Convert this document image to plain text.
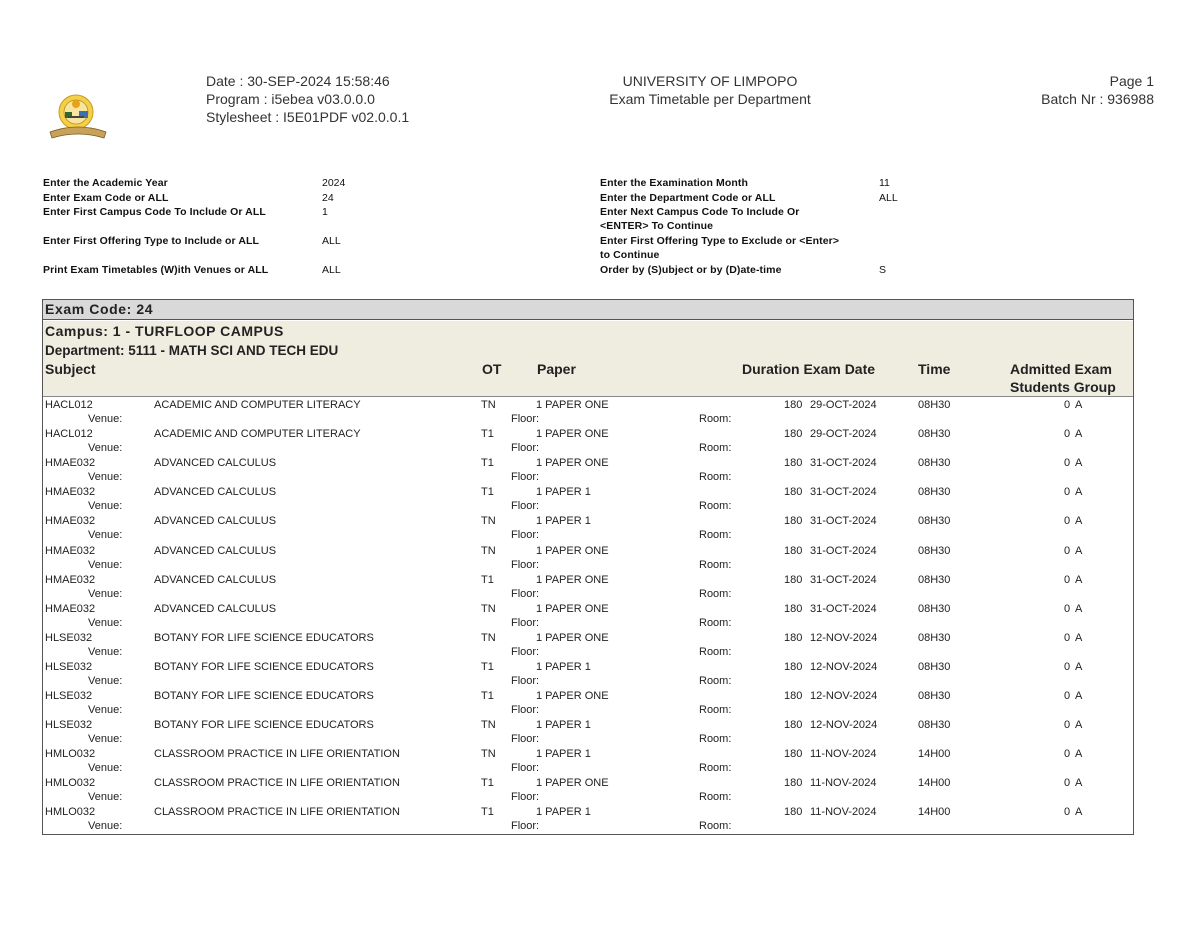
Date : 30-SEP-2024 15:58:46
Program : i5ebea v03.0.0.0
Stylesheet : I5E01PDF v02.0.0.1
UNIVERSITY OF LIMPOPO
Exam Timetable per Department
Page 1
Batch Nr : 936988
Enter the Academic Year	2024
Enter Exam Code or ALL	24
Enter First Campus Code To Include Or ALL	1
Enter First Offering Type to Include or ALL	ALL
Print Exam Timetables (W)ith Venues or ALL	ALL
Enter the Examination Month	11
Enter the Department Code or ALL	ALL
Enter Next Campus Code To Include Or
<ENTER> To Continue
Enter First Offering Type to Exclude or <Enter>
to Continue
Order by (S)ubject or by (D)ate-time	S
Exam Code: 24
Campus: 1 - TURFLOOP CAMPUS
Department: 5111 - MATH SCI AND TECH EDU
Subject	OT	Paper	Duration Exam Date	Time	Admitted Exam
Students Group
HACL012	ACADEMIC AND COMPUTER LITERACY	TN	1 PAPER ONE	180 29-OCT-2024	08H30	0 A
Venue:	Floor:	Room:
HACL012	ACADEMIC AND COMPUTER LITERACY	T1	1 PAPER ONE	180 29-OCT-2024	08H30	0 A
Venue:	Floor:	Room:
HMAE032	ADVANCED CALCULUS	T1	1 PAPER ONE	180 31-OCT-2024	08H30	0 A
Venue:	Floor:	Room:
HMAE032	ADVANCED CALCULUS	T1	1 PAPER 1	180 31-OCT-2024	08H30	0 A
Venue:	Floor:	Room:
HMAE032	ADVANCED CALCULUS	TN	1 PAPER 1	180 31-OCT-2024	08H30	0 A
Venue:	Floor:	Room:
HMAE032	ADVANCED CALCULUS	TN	1 PAPER ONE	180 31-OCT-2024	08H30	0 A
Venue:	Floor:	Room:
HMAE032	ADVANCED CALCULUS	T1	1 PAPER ONE	180 31-OCT-2024	08H30	0 A
Venue:	Floor:	Room:
HMAE032	ADVANCED CALCULUS	TN	1 PAPER ONE	180 31-OCT-2024	08H30	0 A
Venue:	Floor:	Room:
HLSE032	BOTANY FOR LIFE SCIENCE EDUCATORS	TN	1 PAPER ONE	180 12-NOV-2024	08H30	0 A
Venue:	Floor:	Room:
HLSE032	BOTANY FOR LIFE SCIENCE EDUCATORS	T1	1 PAPER 1	180 12-NOV-2024	08H30	0 A
Venue:	Floor:	Room:
HLSE032	BOTANY FOR LIFE SCIENCE EDUCATORS	T1	1 PAPER ONE	180 12-NOV-2024	08H30	0 A
Venue:	Floor:	Room:
HLSE032	BOTANY FOR LIFE SCIENCE EDUCATORS	TN	1 PAPER 1	180 12-NOV-2024	08H30	0 A
Venue:	Floor:	Room:
HMLO032	CLASSROOM PRACTICE IN LIFE ORIENTATION	TN	1 PAPER 1	180 11-NOV-2024	14H00	0 A
Venue:	Floor:	Room:
HMLO032	CLASSROOM PRACTICE IN LIFE ORIENTATION	T1	1 PAPER ONE	180 11-NOV-2024	14H00	0 A
Venue:	Floor:	Room:
HMLO032	CLASSROOM PRACTICE IN LIFE ORIENTATION	T1	1 PAPER 1	180 11-NOV-2024	14H00	0 A
Venue:	Floor:	Room:
